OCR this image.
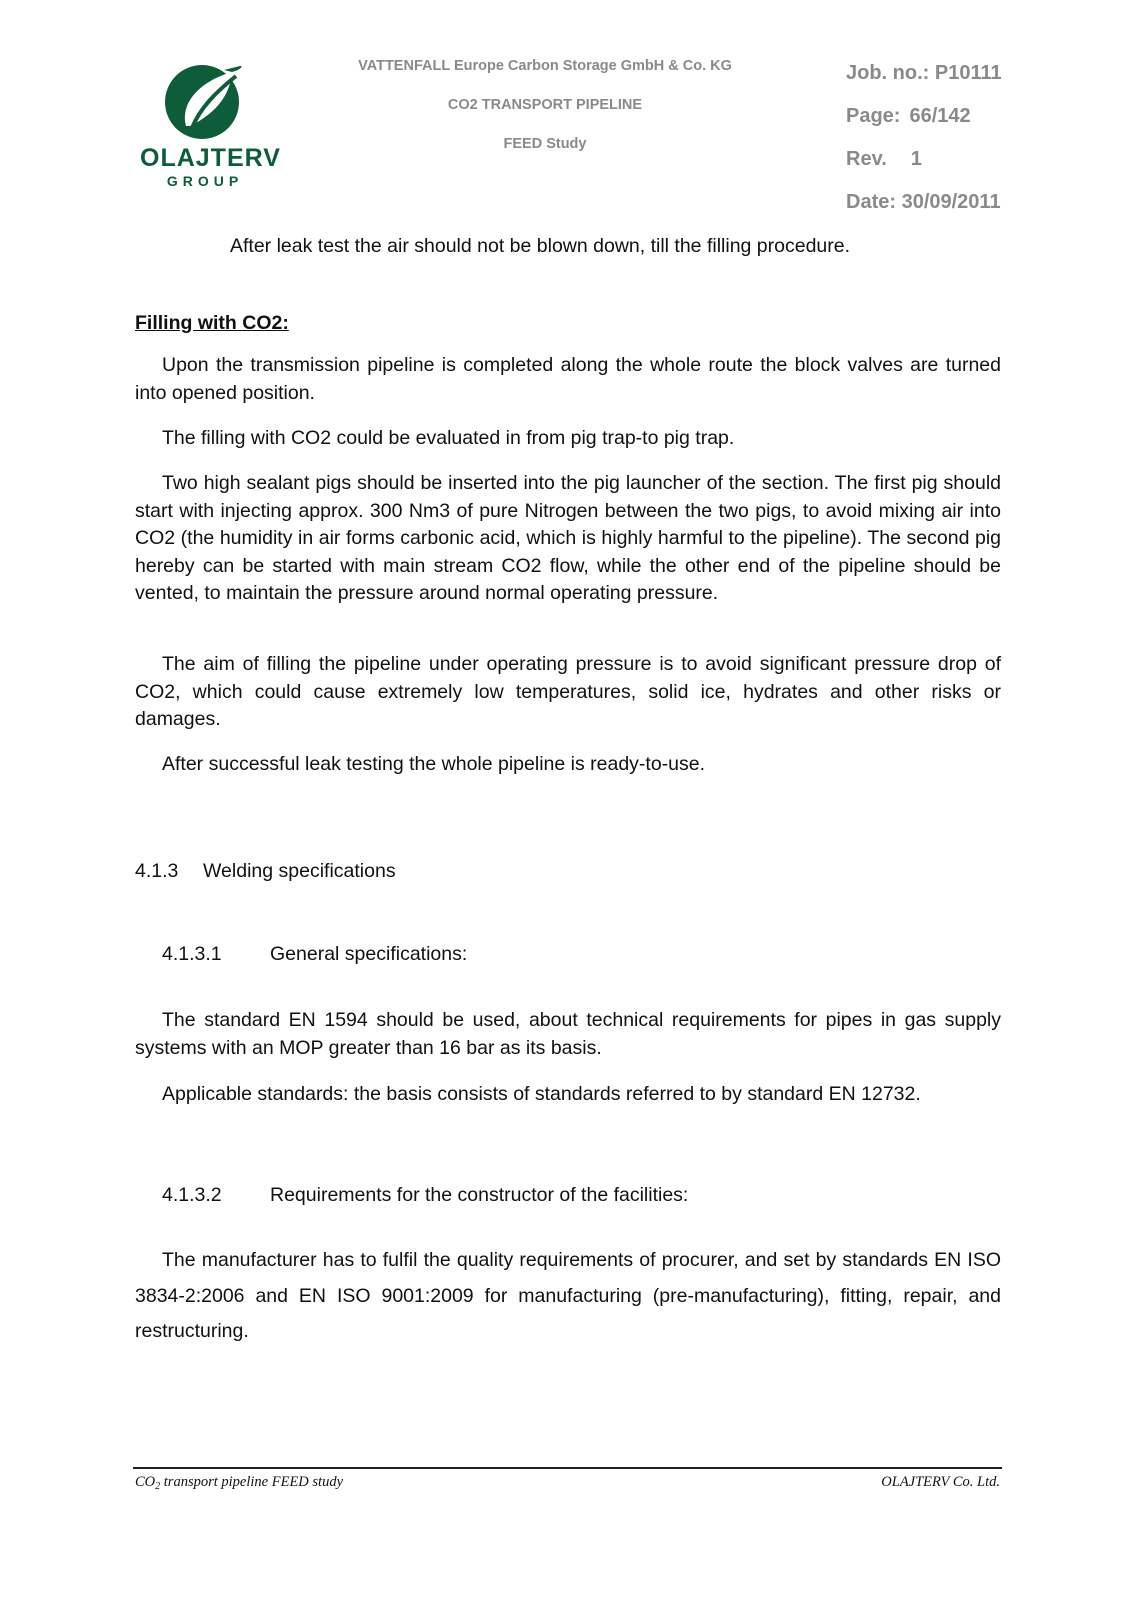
OLAJTERV
GROUP
VATTENFALL Europe Carbon Storage GmbH & Co. KG
CO2 TRANSPORT PIPELINE
FEED Study
Job. no.: P10111
Page: 66/142
Rev. 1
Date: 30/09/2011
After leak test the air should not be blown down, till the filling procedure.
Filling with CO2:
Upon the transmission pipeline is completed along the whole route the block valves are turned into opened position.
The filling with CO2 could be evaluated in from pig trap-to pig trap.
Two high sealant pigs should be inserted into the pig launcher of the section. The first pig should start with injecting approx. 300 Nm3 of pure Nitrogen between the two pigs, to avoid mixing air into CO2 (the humidity in air forms carbonic acid, which is highly harmful to the pipeline). The second pig hereby can be started with main stream CO2 flow, while the other end of the pipeline should be vented, to maintain the pressure around normal operating pressure.
The aim of filling the pipeline under operating pressure is to avoid significant pressure drop of CO2, which could cause extremely low temperatures, solid ice, hydrates and other risks or damages.
After successful leak testing the whole pipeline is ready-to-use.
4.1.3 Welding specifications
4.1.3.1 General specifications:
The standard EN 1594 should be used, about technical requirements for pipes in gas supply systems with an MOP greater than 16 bar as its basis.
Applicable standards: the basis consists of standards referred to by standard EN 12732.
4.1.3.2 Requirements for the constructor of the facilities:
The manufacturer has to fulfil the quality requirements of procurer, and set by standards EN ISO 3834-2:2006 and EN ISO 9001:2009 for manufacturing (pre-manufacturing), fitting, repair, and restructuring.
$CO_2$ transport pipeline FEED study	OLAJTERV Co. Ltd.
